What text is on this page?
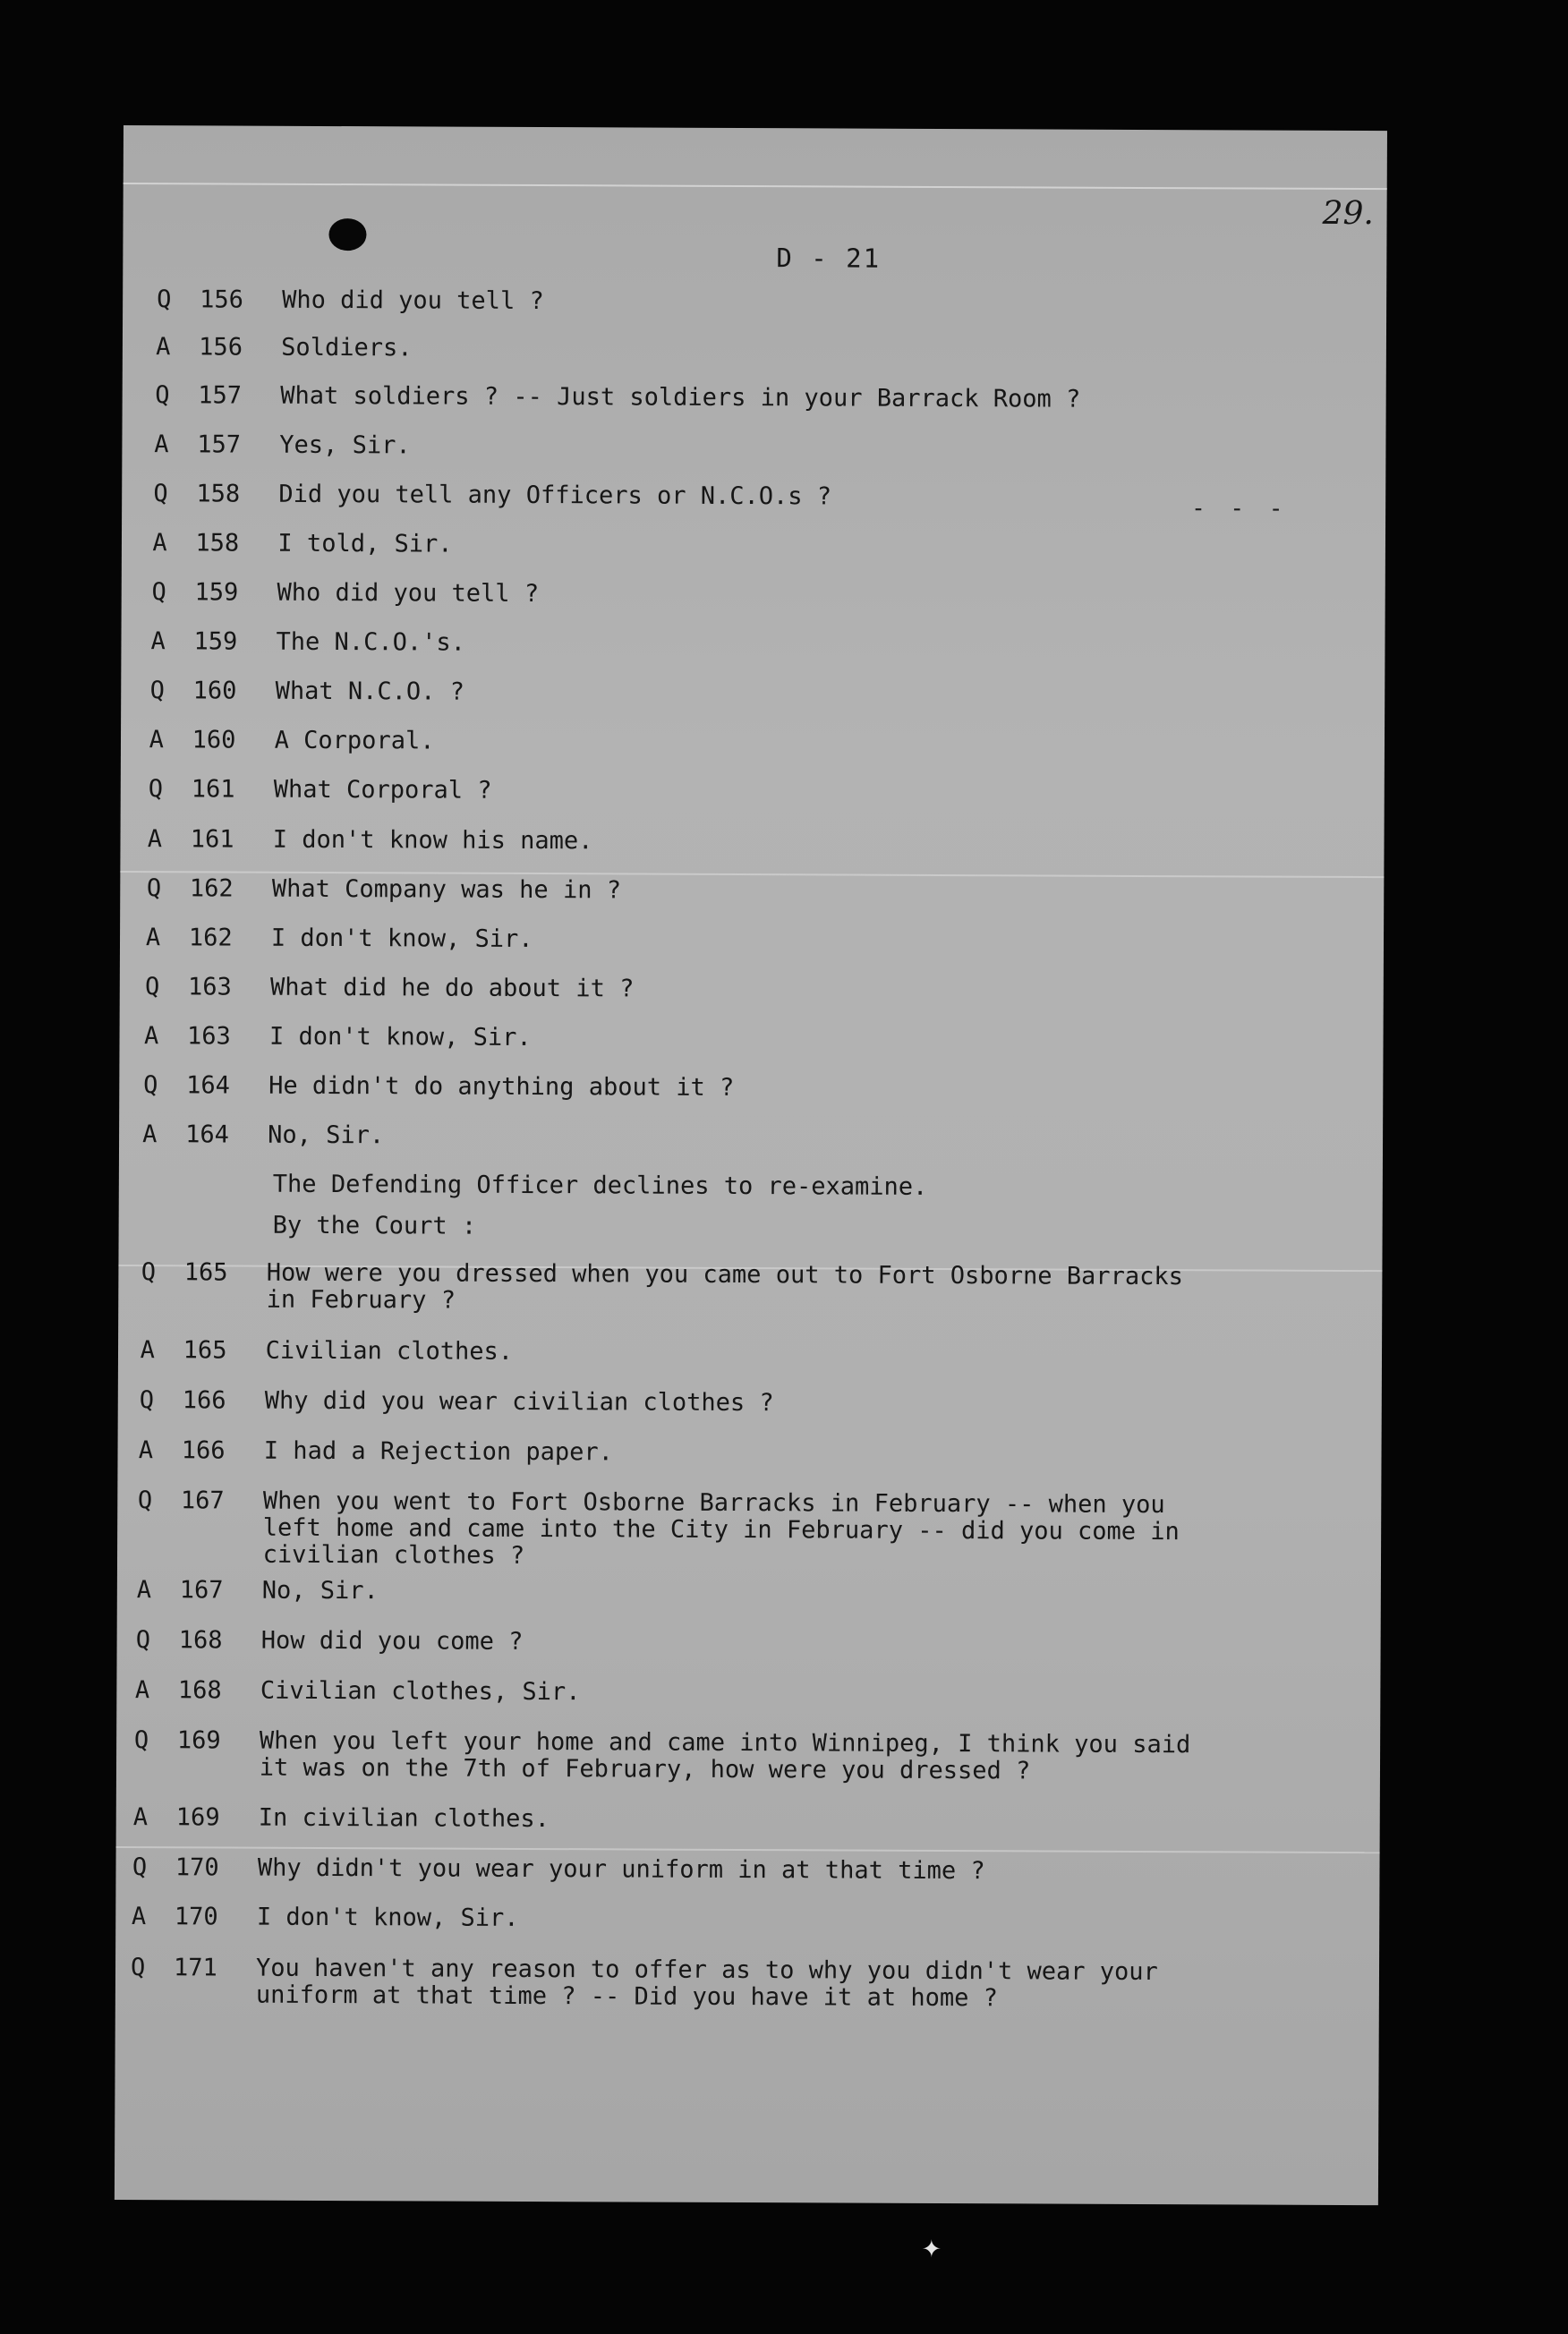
29.
D - 21
- - -
Q	156	Who did you tell ?
A	156	Soldiers.
Q	157	What soldiers ? -- Just soldiers in your Barrack Room ?
A	157	Yes, Sir.
Q	158	Did you tell any Officers or N.C.O.s ?
A	158	I told, Sir.
Q	159	Who did you tell ?
A	159	The N.C.O.'s.
Q	160	What N.C.O. ?
A	160	A Corporal.
Q	161	What Corporal ?
A	161	I don't know his name.
Q	162	What Company was he in ?
A	162	I don't know, Sir.
Q	163	What did he do about it ?
A	163	I don't know, Sir.
Q	164	He didn't do anything about it ?
A	164	No, Sir.
Q	165	How were you dressed when you came out to Fort Osborne Barracks
in February ?
A	165	Civilian clothes.
Q	166	Why did you wear civilian clothes ?
A	166	I had a Rejection paper.
Q	167	When you went to Fort Osborne Barracks in February -- when you
left home and came into the City in February -- did you come in
civilian clothes ?
A	167	No, Sir.
Q	168	How did you come ?
A	168	Civilian clothes, Sir.
Q	169	When you left your home and came into Winnipeg, I think you said
it was on the 7th of February, how were you dressed ?
A	169	In civilian clothes.
Q	170	Why didn't you wear your uniform in at that time ?
A	170	I don't know, Sir.
Q	171	You haven't any reason to offer as to why you didn't wear your
uniform at that time ? -- Did you have it at home ?
The Defending Officer declines to re-examine.
By the Court :
✦
